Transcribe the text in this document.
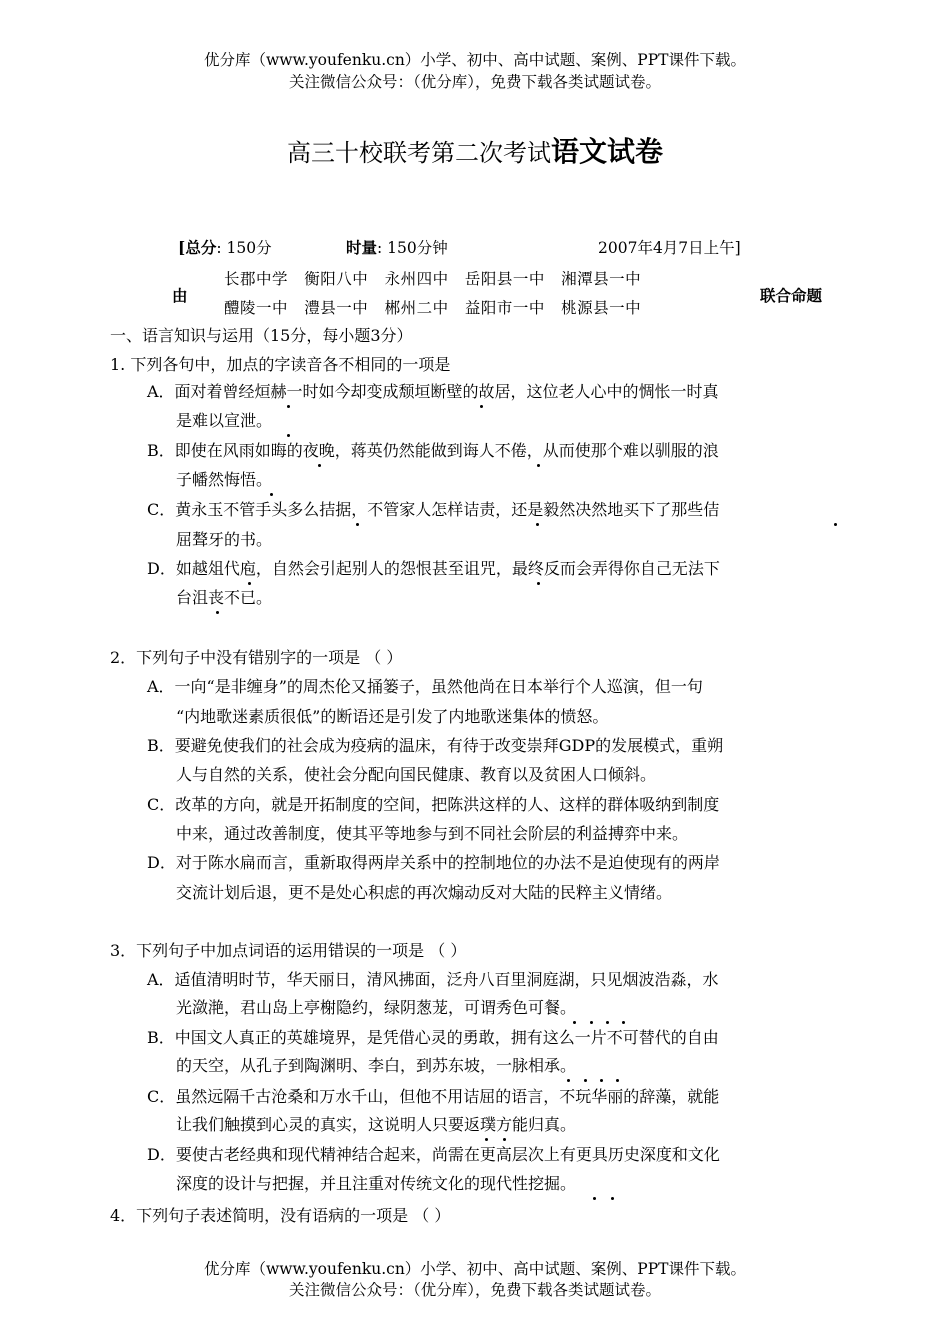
优分库（www.youfenku.cn）小学、初中、高中试题、案例、PPT课件下载。
关注微信公众号：（优分库），免费下载各类试题试卷。
高三十校联考第二次考试语文试卷
[总分: 150分	时量: 150分钟	2007年4月7日上午]
由
长郡中学   衡阳八中   永州四中   岳阳县一中   湘潭县一中
醴陵一中   澧县一中   郴州二中   益阳市一中   桃源县一中
联合命题
一、语言知识与运用（15分，每小题3分）
1. 下列各句中，加点的字读音各不相同的一项是
A．面对着曾经烜赫一时如今却变成颓垣断壁的故居，这位老人心中的惆怅一时真
是难以宣泄。
B．即使在风雨如晦的夜晚，蒋英仍然能做到诲人不倦，从而使那个难以驯服的浪
子幡然悔悟。
C．黄永玉不管手头多么拮据，不管家人怎样诘责，还是毅然决然地买下了那些佶
屈聱牙的书。
D．如越俎代庖，自然会引起别人的怨恨甚至诅咒，最终反而会弄得你自己无法下
台沮丧不已。
2．下列句子中没有错别字的一项是 （ ）
A．一向“是非缠身”的周杰伦又捅篓子，虽然他尚在日本举行个人巡演，但一句
“内地歌迷素质很低”的断语还是引发了内地歌迷集体的愤怒。
B．要避免使我们的社会成为疫病的温床，有待于改变崇拜GDP的发展模式，重朔
人与自然的关系，使社会分配向国民健康、教育以及贫困人口倾斜。
C．改革的方向，就是开拓制度的空间，把陈洪这样的人、这样的群体吸纳到制度
中来，通过改善制度，使其平等地参与到不同社会阶层的利益搏弈中来。
D．对于陈水扁而言，重新取得两岸关系中的控制地位的办法不是迫使现有的两岸
交流计划后退，更不是处心积虑的再次煽动反对大陆的民粹主义情绪。
3．下列句子中加点词语的运用错误的一项是 （ ）
A．适值清明时节，华天丽日，清风拂面，泛舟八百里洞庭湖，只见烟波浩淼，水
光潋滟，君山岛上亭榭隐约，绿阴葱茏，可谓秀色可餐。
B．中国文人真正的英雄境界，是凭借心灵的勇敢，拥有这么一片不可替代的自由
的天空，从孔子到陶渊明、李白，到苏东坡，一脉相承。
C．虽然远隔千古沧桑和万水千山，但他不用诘屈的语言，不玩华丽的辞藻，就能
让我们触摸到心灵的真实，这说明人只要返璞方能归真。
D．要使古老经典和现代精神结合起来，尚需在更高层次上有更具历史深度和文化
深度的设计与把握，并且注重对传统文化的现代性挖掘。
4．下列句子表述简明，没有语病的一项是 （ ）
优分库（www.youfenku.cn）小学、初中、高中试题、案例、PPT课件下载。
关注微信公众号：（优分库），免费下载各类试题试卷。
